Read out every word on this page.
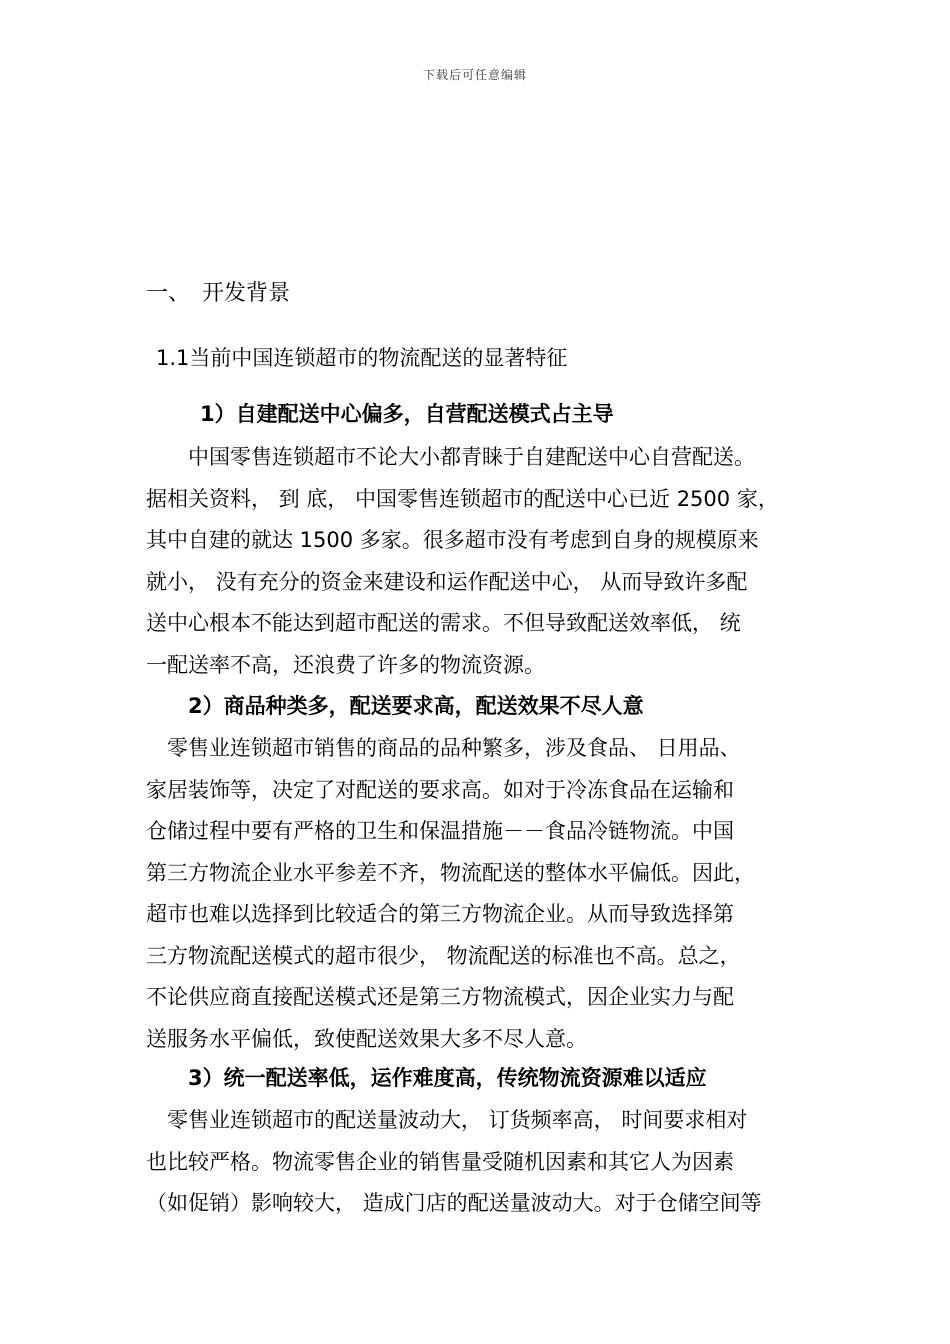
下载后可任意编辑
一、 开发背景
1.1当前中国连锁超市的物流配送的显著特征
1）自建配送中心偏多，自营配送模式占主导
　　中国零售连锁超市不论大小都青睐于自建配送中心自营配送。
据相关资料， 到 底， 中国零售连锁超市的配送中心已近 2500 家，
其中自建的就达 1500 多家。很多超市没有考虑到自身的规模原来
就小， 没有充分的资金来建设和运作配送中心， 从而导致许多配
送中心根本不能达到超市配送的需求。不但导致配送效率低， 统
一配送率不高，还浪费了许多的物流资源。
2）商品种类多，配送要求高，配送效果不尽人意
　零售业连锁超市销售的商品的品种繁多，涉及食品、 日用品、
家居装饰等，决定了对配送的要求高。如对于冷冻食品在运输和
仓储过程中要有严格的卫生和保温措施－－食品冷链物流。中国
第三方物流企业水平参差不齐，物流配送的整体水平偏低。因此，
超市也难以选择到比较适合的第三方物流企业。从而导致选择第
三方物流配送模式的超市很少， 物流配送的标准也不高。总之，
不论供应商直接配送模式还是第三方物流模式，因企业实力与配
送服务水平偏低，致使配送效果大多不尽人意。
3）统一配送率低，运作难度高，传统物流资源难以适应
　零售业连锁超市的配送量波动大， 订货频率高， 时间要求相对
也比较严格。物流零售企业的销售量受随机因素和其它人为因素
（如促销）影响较大， 造成门店的配送量波动大。对于仓储空间等
